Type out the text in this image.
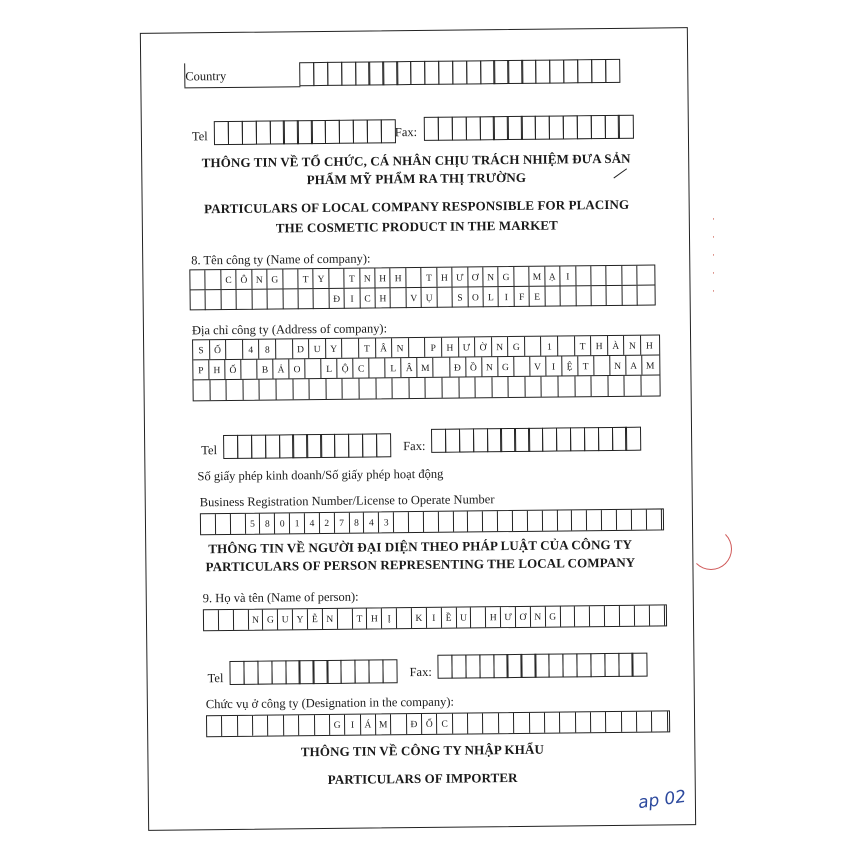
Country
Tel	Fax:
THÔNG TIN VỀ TỔ CHỨC, CÁ NHÂN CHỊU TRÁCH NHIỆM ĐƯA SẢN
PHẨM MỸ PHẨM RA THỊ TRƯỜNG
PARTICULARS OF LOCAL COMPANY RESPONSIBLE FOR PLACING
THE COSMETIC PRODUCT IN THE MARKET
8. Tên công ty (Name of company):
C Ô N G	T Y	T N H H	T H Ư Ơ N G	M Ạ	I
Đ	I	C H	V Ụ	S O L	I	F	E
Địa chỉ công ty (Address of company):
S	Ố	4	8	D	U	Y	T	Â	N	P	H Ư Ờ	N	G	1	T	H	À	N	H
P	H Ố	B Ả O	L	Ộ C	L	Â M	Đ Ồ N G	V	I	Ệ	T	N A M
Tel	Fax:
Số giấy phép kinh doanh/Số giấy phép hoạt động
Business Registration Number/License to Operate Number
5	8	0	1	4	2	7	8	4	3
THÔNG TIN VỀ NGƯỜI ĐẠI DIỆN THEO PHÁP LUẬT CỦA CÔNG TY
PARTICULARS OF PERSON REPRESENTING THE LOCAL COMPANY
9. Họ và tên (Name of person):
N G U Y Ễ N	T H	Ị	K	I	Ề U	H Ư Ơ N G
Tel	Fax:
Chức vụ ở công ty (Designation in the company):
G	I	Á M	Đ Ố C
THÔNG TIN VỀ CÔNG TY NHẬP KHẨU
PARTICULARS OF IMPORTER
ap 02
·
·
·
·
·
